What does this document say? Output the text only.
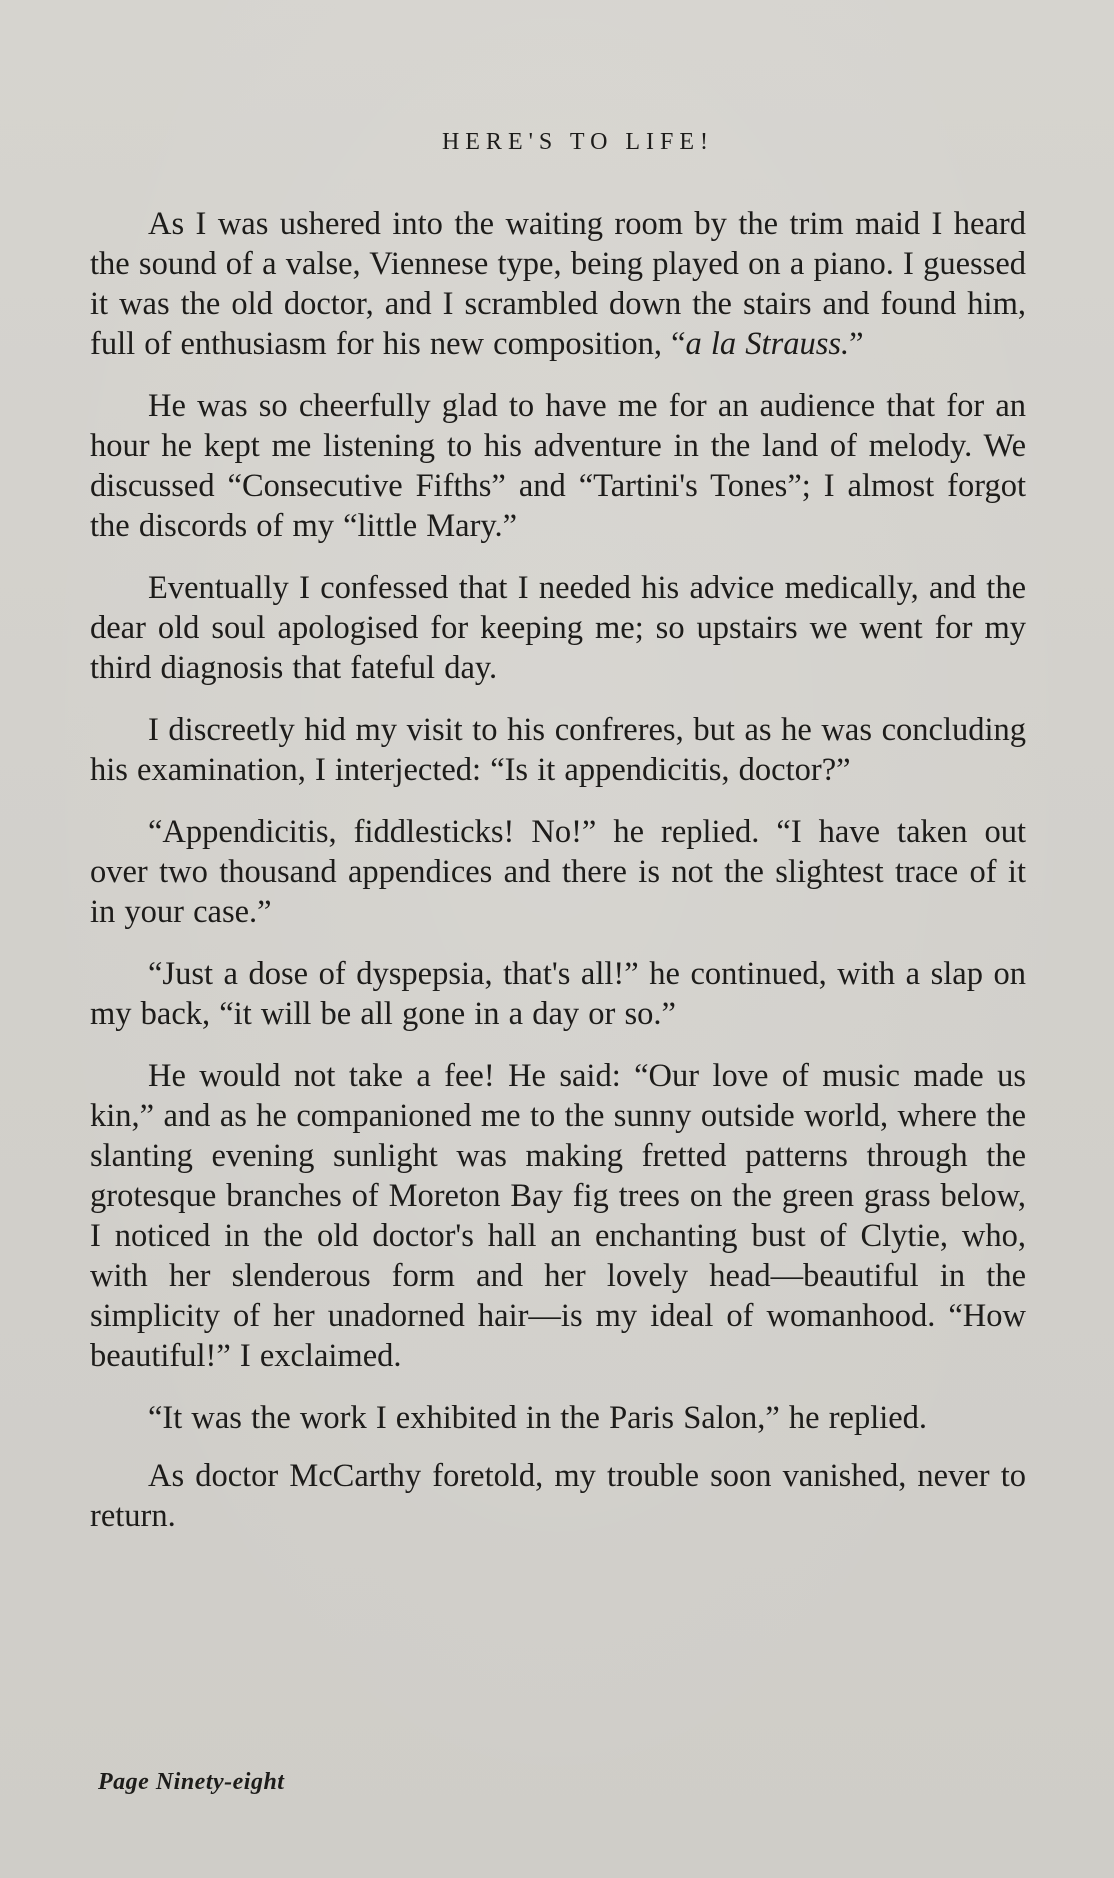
HERE'S TO LIFE!

As I was ushered into the waiting room by the trim maid I heard the sound of a valse, Viennese type, being played on a piano. I guessed it was the old doctor, and I scrambled down the stairs and found him, full of enthusiasm for his new composition, “a la Strauss.”

He was so cheerfully glad to have me for an audience that for an hour he kept me listening to his adventure in the land of melody. We discussed “Consecutive Fifths” and “Tartini's Tones”; I almost forgot the discords of my “little Mary.”

Eventually I confessed that I needed his advice medically, and the dear old soul apologised for keeping me; so upstairs we went for my third diagnosis that fateful day.

I discreetly hid my visit to his confreres, but as he was concluding his examination, I interjected: “Is it appendicitis, doctor?”

“Appendicitis, fiddlesticks! No!” he replied. “I have taken out over two thousand appendices and there is not the slightest trace of it in your case.”

“Just a dose of dyspepsia, that's all!” he continued, with a slap on my back, “it will be all gone in a day or so.”

He would not take a fee! He said: “Our love of music made us kin,” and as he companioned me to the sunny outside world, where the slanting evening sunlight was making fretted patterns through the grotesque branches of Moreton Bay fig trees on the green grass below, I noticed in the old doctor's hall an enchanting bust of Clytie, who, with her slenderous form and her lovely head—beautiful in the simplicity of her unadorned hair—is my ideal of womanhood. “How beautiful!” I exclaimed.

“It was the work I exhibited in the Paris Salon,” he replied.

As doctor McCarthy foretold, my trouble soon vanished, never to return.

Page Ninety-eight
